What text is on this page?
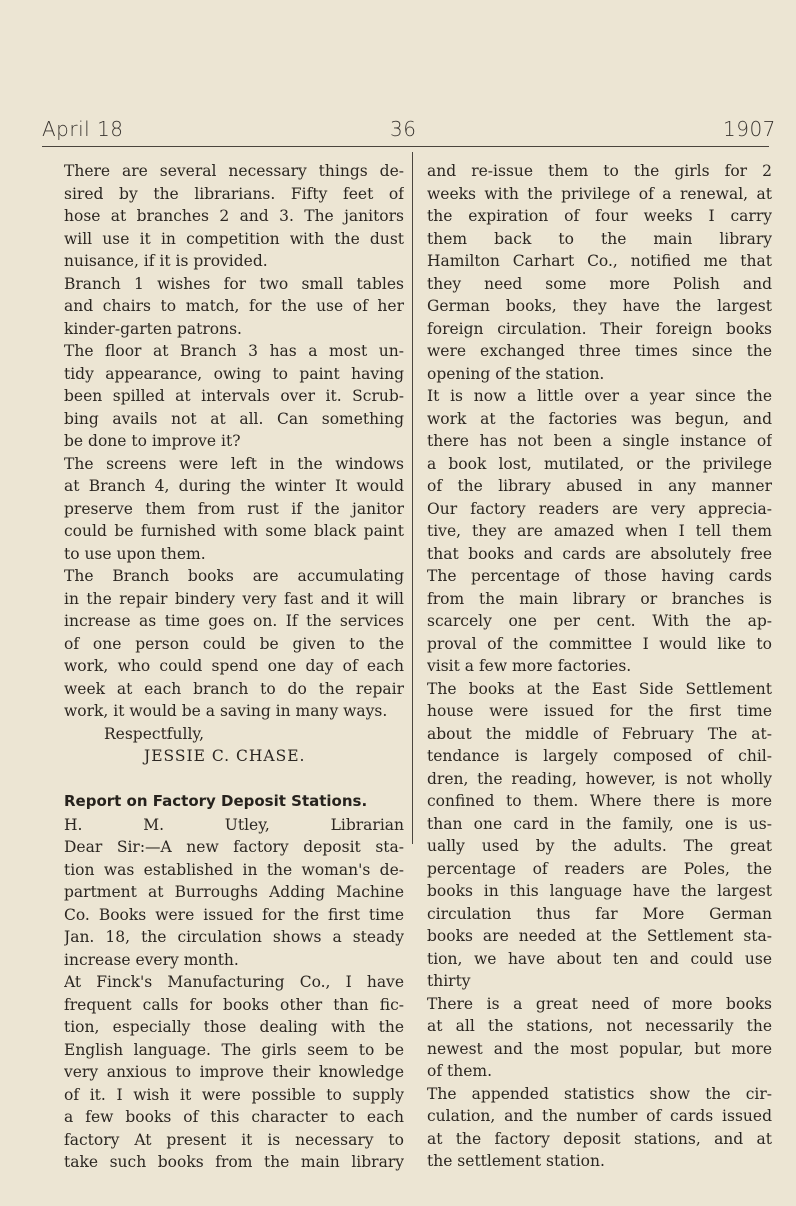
April 18	36	1907
There are several necessary things de-
sired by the librarians. Fifty feet of
hose at branches 2 and 3. The janitors
will use it in competition with the dust
nuisance, if it is provided.
Branch 1 wishes for two small tables
and chairs to match, for the use of her
kinder-garten patrons.
The floor at Branch 3 has a most un-
tidy appearance, owing to paint having
been spilled at intervals over it. Scrub-
bing avails not at all. Can something
be done to improve it?
The screens were left in the windows
at Branch 4, during the winter It would
preserve them from rust if the janitor
could be furnished with some black paint
to use upon them.
The Branch books are accumulating
in the repair bindery very fast and it will
increase as time goes on. If the services
of one person could be given to the
work, who could spend one day of each
week at each branch to do the repair
work, it would be a saving in many ways.
Respectfully,
JESSIE C. CHASE.
Report on Factory Deposit Stations.
H. M. Utley, Librarian
Dear Sir:—A new factory deposit sta-
tion was established in the woman's de-
partment at Burroughs Adding Machine
Co. Books were issued for the first time
Jan. 18, the circulation shows a steady
increase every month.
At Finck's Manufacturing Co., I have
frequent calls for books other than fic-
tion, especially those dealing with the
English language. The girls seem to be
very anxious to improve their knowledge
of it. I wish it were possible to supply
a few books of this character to each
factory At present it is necessary to
take such books from the main library
and re-issue them to the girls for 2
weeks with the privilege of a renewal, at
the expiration of four weeks I carry
them back to the main library
Hamilton Carhart Co., notified me that
they need some more Polish and
German books, they have the largest
foreign circulation. Their foreign books
were exchanged three times since the
opening of the station.
It is now a little over a year since the
work at the factories was begun, and
there has not been a single instance of
a book lost, mutilated, or the privilege
of the library abused in any manner
Our factory readers are very apprecia-
tive, they are amazed when I tell them
that books and cards are absolutely free
The percentage of those having cards
from the main library or branches is
scarcely one per cent. With the ap-
proval of the committee I would like to
visit a few more factories.
The books at the East Side Settlement
house were issued for the first time
about the middle of February The at-
tendance is largely composed of chil-
dren, the reading, however, is not wholly
confined to them. Where there is more
than one card in the family, one is us-
ually used by the adults. The great
percentage of readers are Poles, the
books in this language have the largest
circulation thus far More German
books are needed at the Settlement sta-
tion, we have about ten and could use
thirty
There is a great need of more books
at all the stations, not necessarily the
newest and the most popular, but more
of them.
The appended statistics show the cir-
culation, and the number of cards issued
at the factory deposit stations, and at
the settlement station.
